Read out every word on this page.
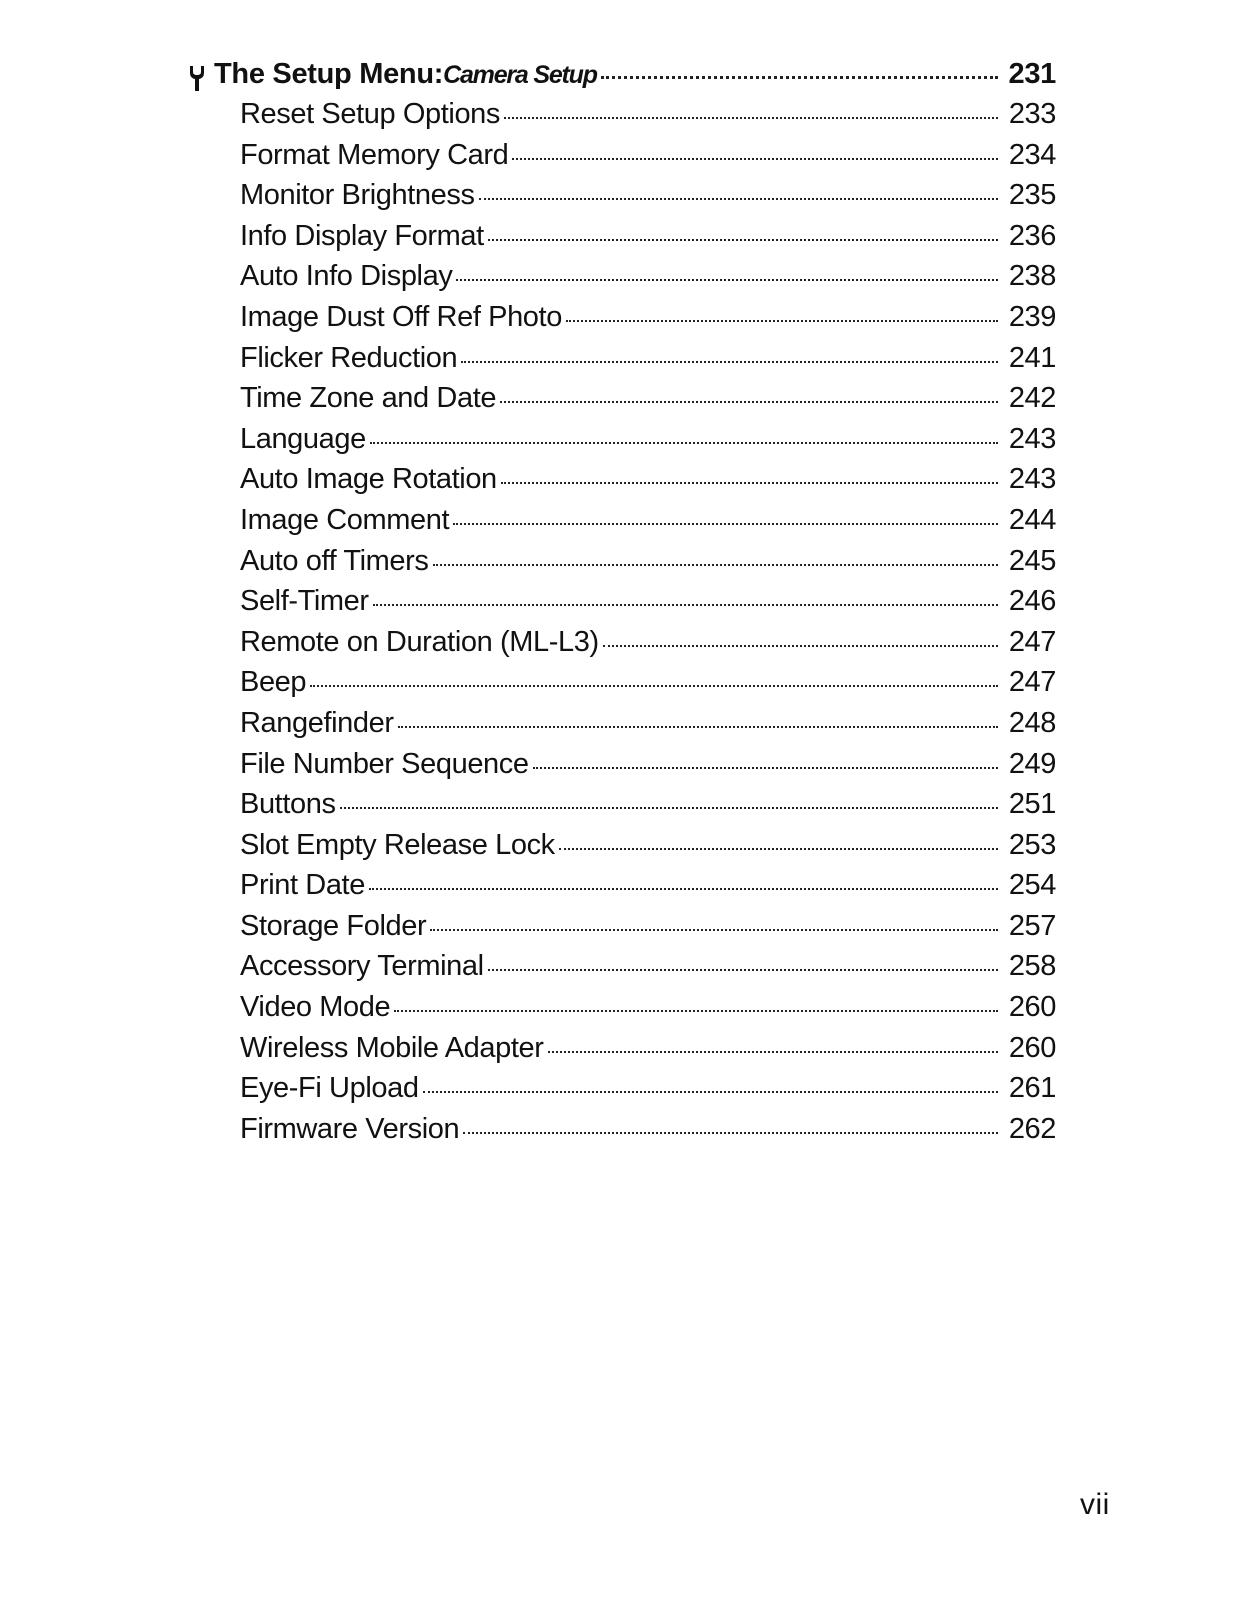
The Setup Menu: Camera Setup	231
Reset Setup Options	233
Format Memory Card	234
Monitor Brightness	235
Info Display Format	236
Auto Info Display	238
Image Dust Off Ref Photo	239
Flicker Reduction	241
Time Zone and Date	242
Language	243
Auto Image Rotation	243
Image Comment	244
Auto off Timers	245
Self-Timer	246
Remote on Duration (ML-L3)	247
Beep	247
Rangefinder	248
File Number Sequence	249
Buttons	251
Slot Empty Release Lock	253
Print Date	254
Storage Folder	257
Accessory Terminal	258
Video Mode	260
Wireless Mobile Adapter	260
Eye-Fi Upload	261
Firmware Version	262
vii
